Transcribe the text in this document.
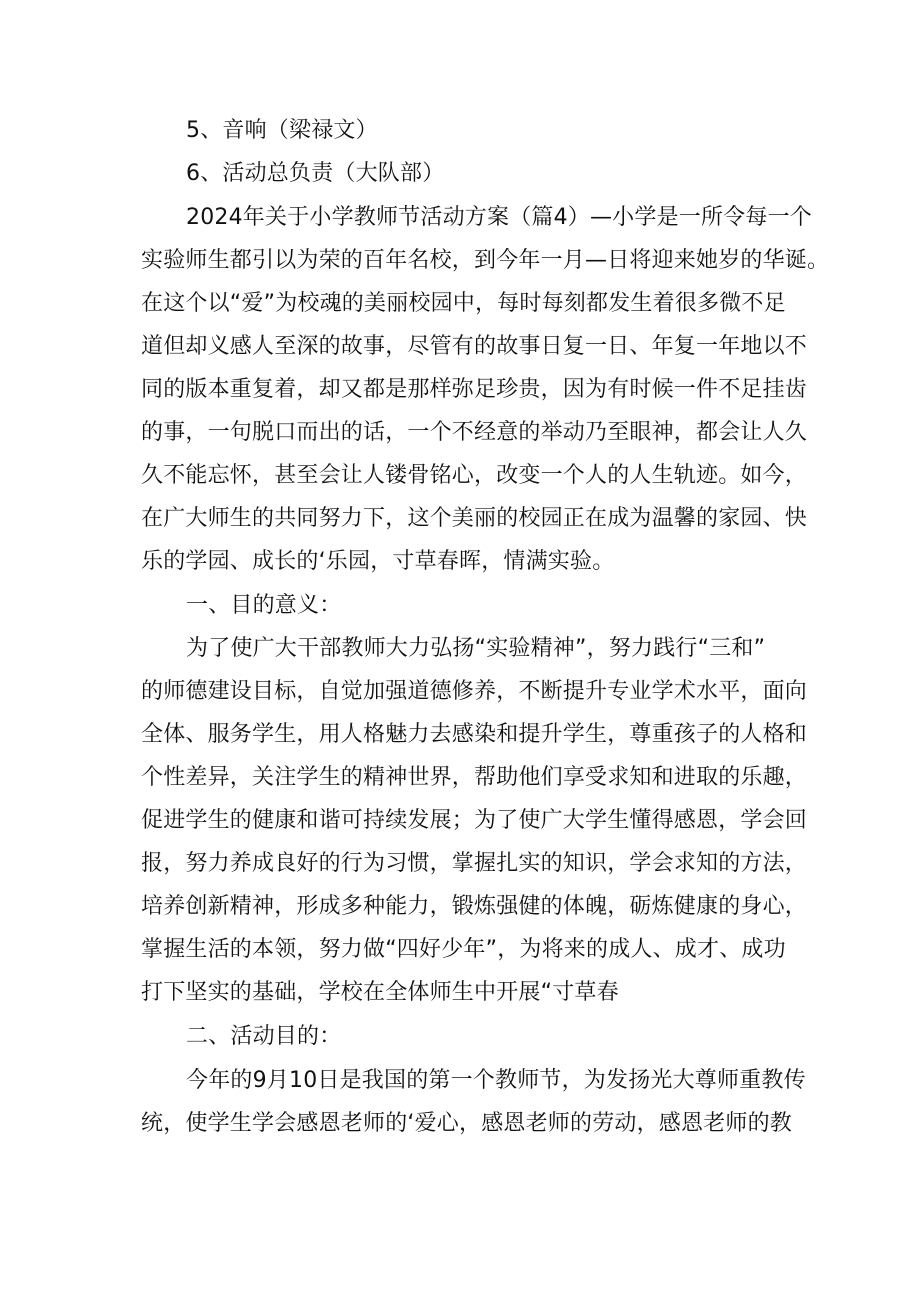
5、音响（梁禄文）
6、活动总负责（大队部）
2024年关于小学教师节活动方案（篇4）—小学是一所令每一个
实验师生都引以为荣的百年名校，到今年一月—日将迎来她岁的华诞。
在这个以“爱”为校魂的美丽校园中，每时每刻都发生着很多微不足
道但却义感人至深的故事，尽管有的故事日复一日、年复一年地以不
同的版本重复着，却又都是那样弥足珍贵，因为有时候一件不足挂齿
的事，一句脱口而出的话，一个不经意的举动乃至眼神，都会让人久
久不能忘怀，甚至会让人镂骨铭心，改变一个人的人生轨迹。如今，
在广大师生的共同努力下，这个美丽的校园正在成为温馨的家园、快
乐的学园、成长的‘乐园，寸草春晖，情满实验。
一、目的意义：
为了使广大干部教师大力弘扬“实验精神”，努力践行“三和”
的师德建设目标，自觉加强道德修养，不断提升专业学术水平，面向
全体、服务学生，用人格魅力去感染和提升学生，尊重孩子的人格和
个性差异，关注学生的精神世界，帮助他们享受求知和进取的乐趣，
促进学生的健康和谐可持续发展；为了使广大学生懂得感恩，学会回
报，努力养成良好的行为习惯，掌握扎实的知识，学会求知的方法，
培养创新精神，形成多种能力，锻炼强健的体魄，砺炼健康的身心，
掌握生活的本领，努力做“四好少年”，为将来的成人、成才、成功
打下坚实的基础，学校在全体师生中开展“寸草春
二、活动目的：
今年的9月10日是我国的第一个教师节，为发扬光大尊师重教传
统，使学生学会感恩老师的‘爱心，感恩老师的劳动，感恩老师的教
